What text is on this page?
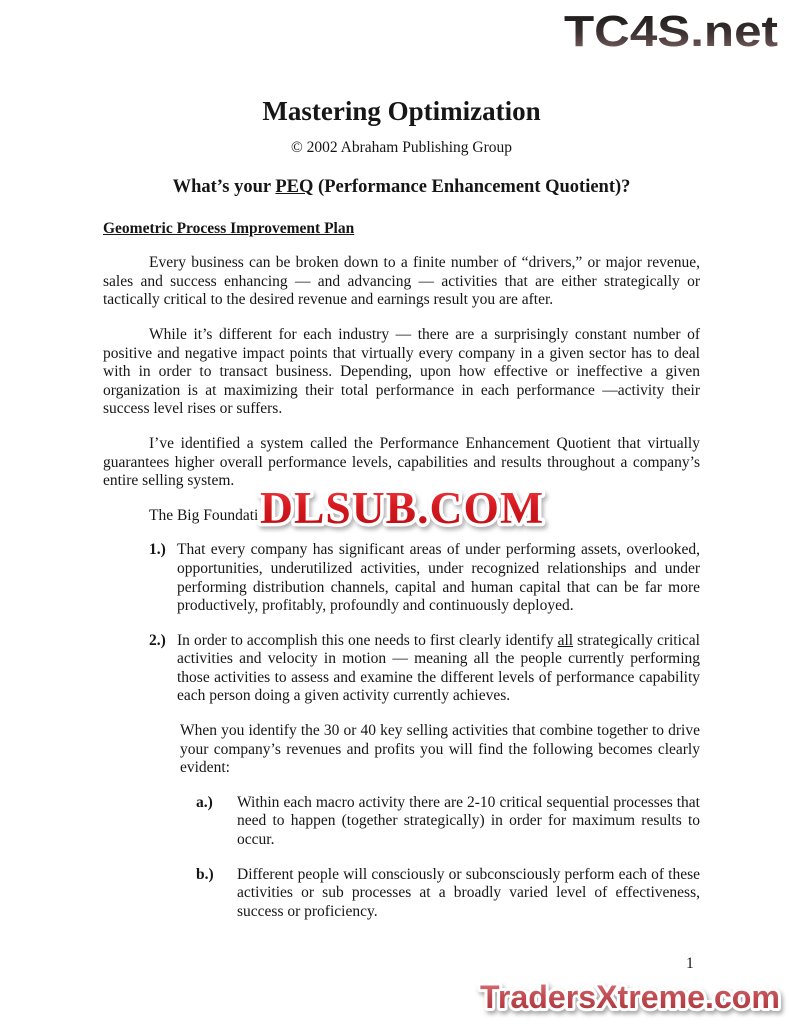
TC4S.net
Mastering Optimization
© 2002 Abraham Publishing Group
What’s your PEQ (Performance Enhancement Quotient)?
Geometric Process Improvement Plan

Every business can be broken down to a finite number of “drivers,” or major revenue, sales and success enhancing — and advancing — activities that are either strategically or tactically critical to the desired revenue and earnings result you are after.

While it’s different for each industry — there are a surprisingly constant number of positive and negative impact points that virtually every company in a given sector has to deal with in order to transact business. Depending, upon how effective or ineffective a given organization is at maximizing their total performance in each performance —activity their success level rises or suffers.

I’ve identified a system called the Performance Enhancement Quotient that virtually guarantees higher overall performance levels, capabilities and results throughout a company’s entire selling system.

The Big Foundati
1.) That every company has significant areas of under performing assets, overlooked, opportunities, underutilized activities, under recognized relationships and under performing distribution channels, capital and human capital that can be far more productively, profitably, profoundly and continuously deployed.
2.) In order to accomplish this one needs to first clearly identify all strategically critical activities and velocity in motion — meaning all the people currently performing those activities to assess and examine the different levels of performance capability each person doing a given activity currently achieves.

When you identify the 30 or 40 key selling activities that combine together to drive your company’s revenues and profits you will find the following becomes clearly evident:

a.)	Within each macro activity there are 2-10 critical sequential processes that need to happen (together strategically) in order for maximum results to occur.
b.)	Different people will consciously or subconsciously perform each of these activities or sub processes at a broadly varied level of effectiveness, success or proficiency.
DLSUB.COM
1
TradersXtreme.com
